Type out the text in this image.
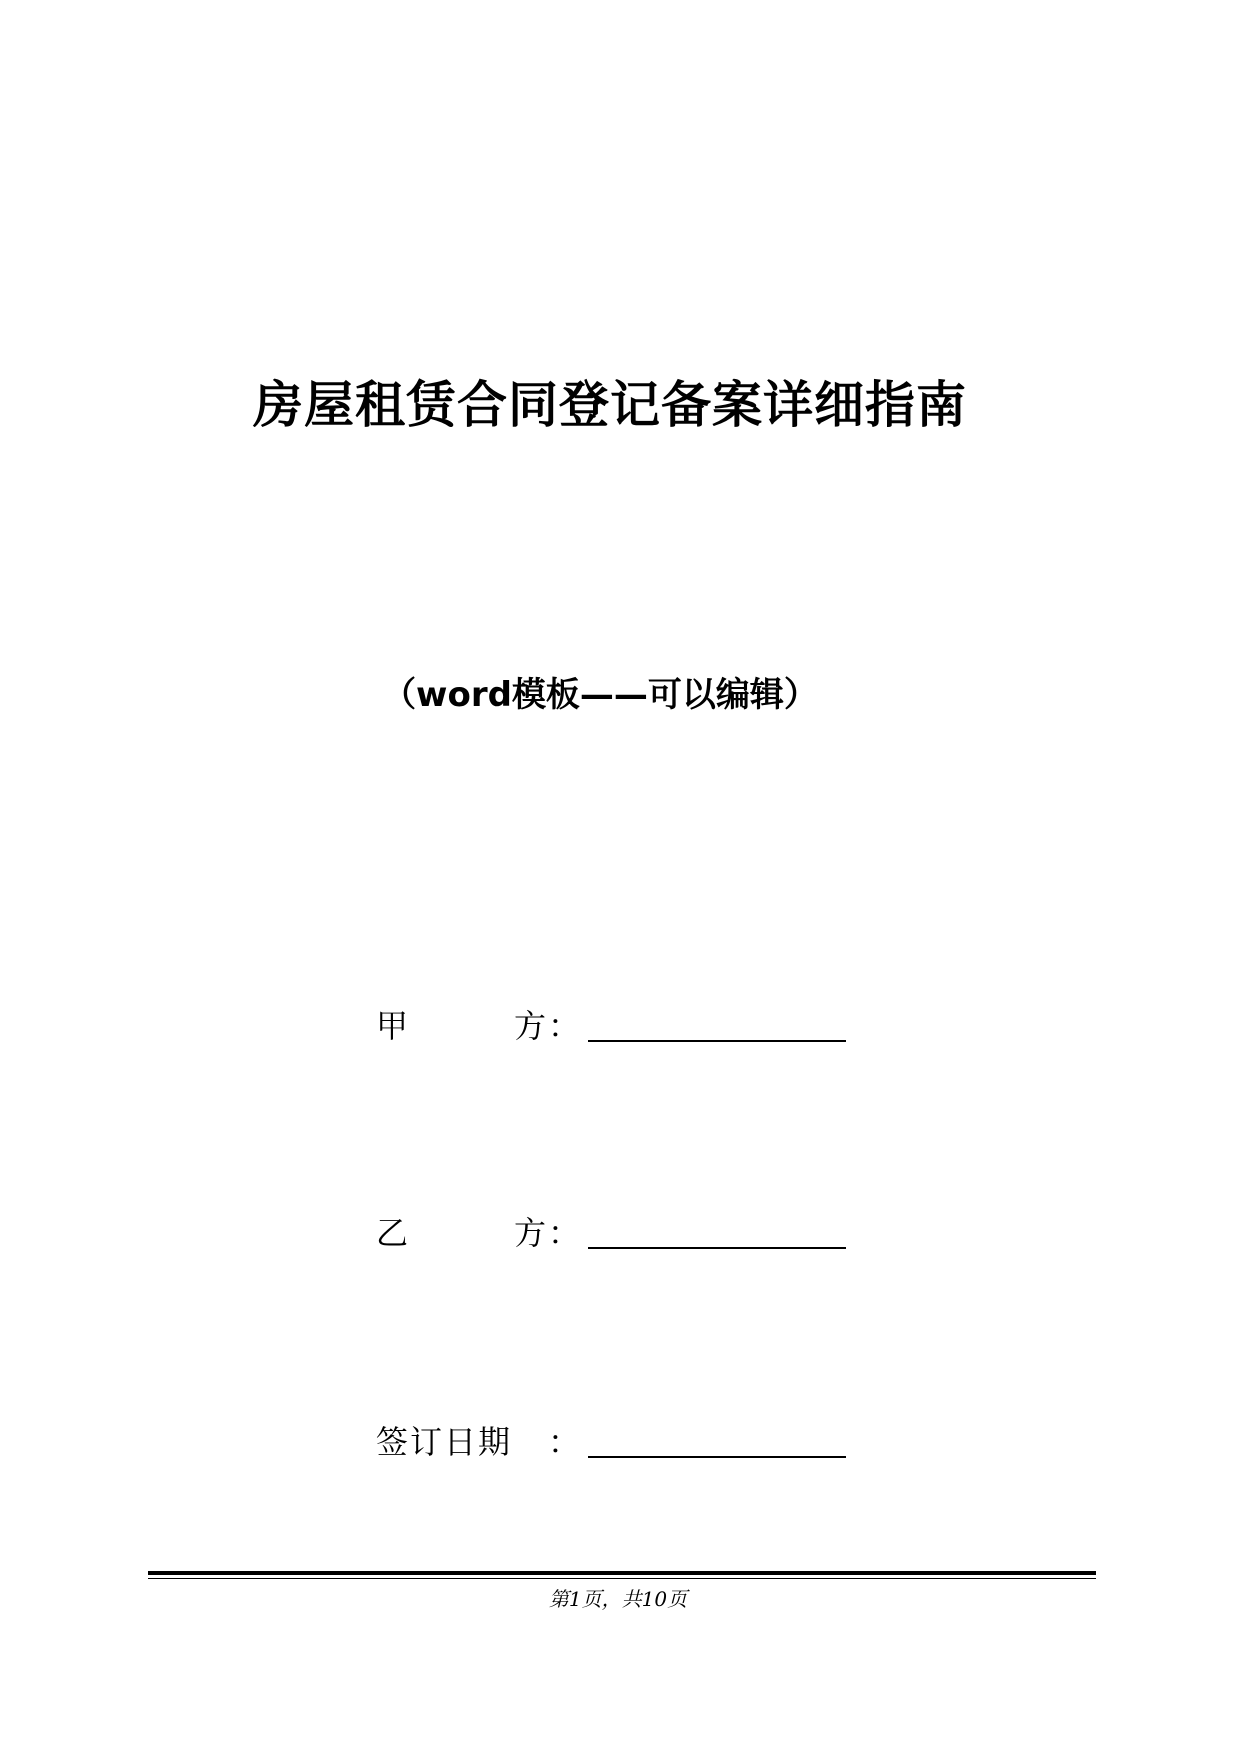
房屋租赁合同登记备案详细指南
（word模板——可以编辑）
甲	方 ：
乙	方 ：
签订日期 ：
第1页，共10页
